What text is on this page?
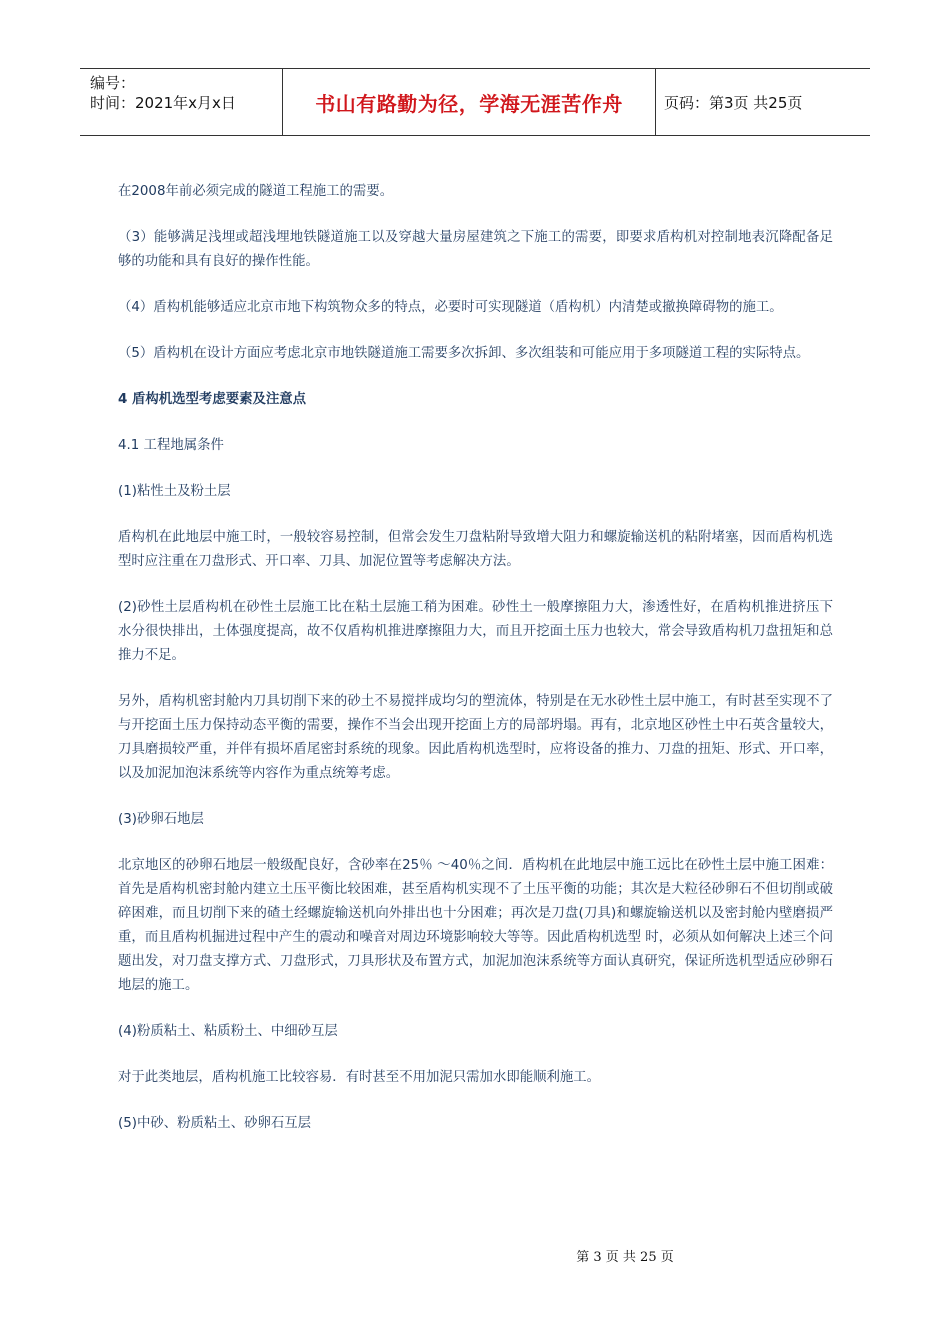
编号：
时间：2021年x月x日	书山有路勤为径，学海无涯苦作舟	页码：第3页 共25页

在2008年前必须完成的隧道工程施工的需要。

（3）能够满足浅埋或超浅埋地铁隧道施工以及穿越大量房屋建筑之下施工的需要，即要求盾构机对控制地表沉降配备足够的功能和具有良好的操作性能。

（4）盾构机能够适应北京市地下构筑物众多的特点，必要时可实现隧道（盾构机）内清楚或撤换障碍物的施工。

（5）盾构机在设计方面应考虑北京市地铁隧道施工需要多次拆卸、多次组装和可能应用于多项隧道工程的实际特点。

4 盾构机选型考虑要素及注意点

4.1 工程地属条件

(1)粘性土及粉土层

盾构机在此地层中施工时，一般较容易控制，但常会发生刀盘粘附导致增大阻力和螺旋输送机的粘附堵塞，因而盾构机选型时应注重在刀盘形式、开口率、刀具、加泥位置等考虑解决方法。

(2)砂性土层盾构机在砂性土层施工比在粘土层施工稍为困难。砂性土一般摩擦阻力大，渗透性好，在盾构机推进挤压下水分很快排出，土体强度提高，故不仅盾构机推进摩擦阻力大，而且开挖面土压力也较大，常会导致盾构机刀盘扭矩和总推力不足。

另外，盾构机密封舱内刀具切削下来的砂土不易搅拌成均匀的塑流体，特别是在无水砂性土层中施工，有时甚至实现不了与开挖面土压力保持动态平衡的需要，操作不当会出现开挖面上方的局部坍塌。再有，北京地区砂性土中石英含量较大，刀具磨损较严重，并伴有损坏盾尾密封系统的现象。因此盾构机选型时，应将设备的推力、刀盘的扭矩、形式、开口率，以及加泥加泡沫系统等内容作为重点统筹考虑。

(3)砂卵石地层

北京地区的砂卵石地层一般级配良好，含砂率在25％ ～40％之间．盾构机在此地层中施工远比在砂性土层中施工困难：首先是盾构机密封舱内建立土压平衡比较困难，甚至盾构机实现不了土压平衡的功能；其次是大粒径砂卵石不但切削或破碎困难，而且切削下来的碴土经螺旋输送机向外排出也十分困难；再次是刀盘(刀具)和螺旋输送机以及密封舱内壁磨损严重，而且盾构机掘进过程中产生的震动和噪音对周边环境影响较大等等。因此盾构机选型 时，必须从如何解决上述三个问题出发，对刀盘支撑方式、刀盘形式，刀具形状及布置方式，加泥加泡沫系统等方面认真研究，保证所选机型适应砂卵石地层的施工。

(4)粉质粘土、粘质粉土、中细砂互层

对于此类地层，盾构机施工比较容易．有时甚至不用加泥只需加水即能顺利施工。

(5)中砂、粉质粘土、砂卵石互层

第 3 页 共 25 页
